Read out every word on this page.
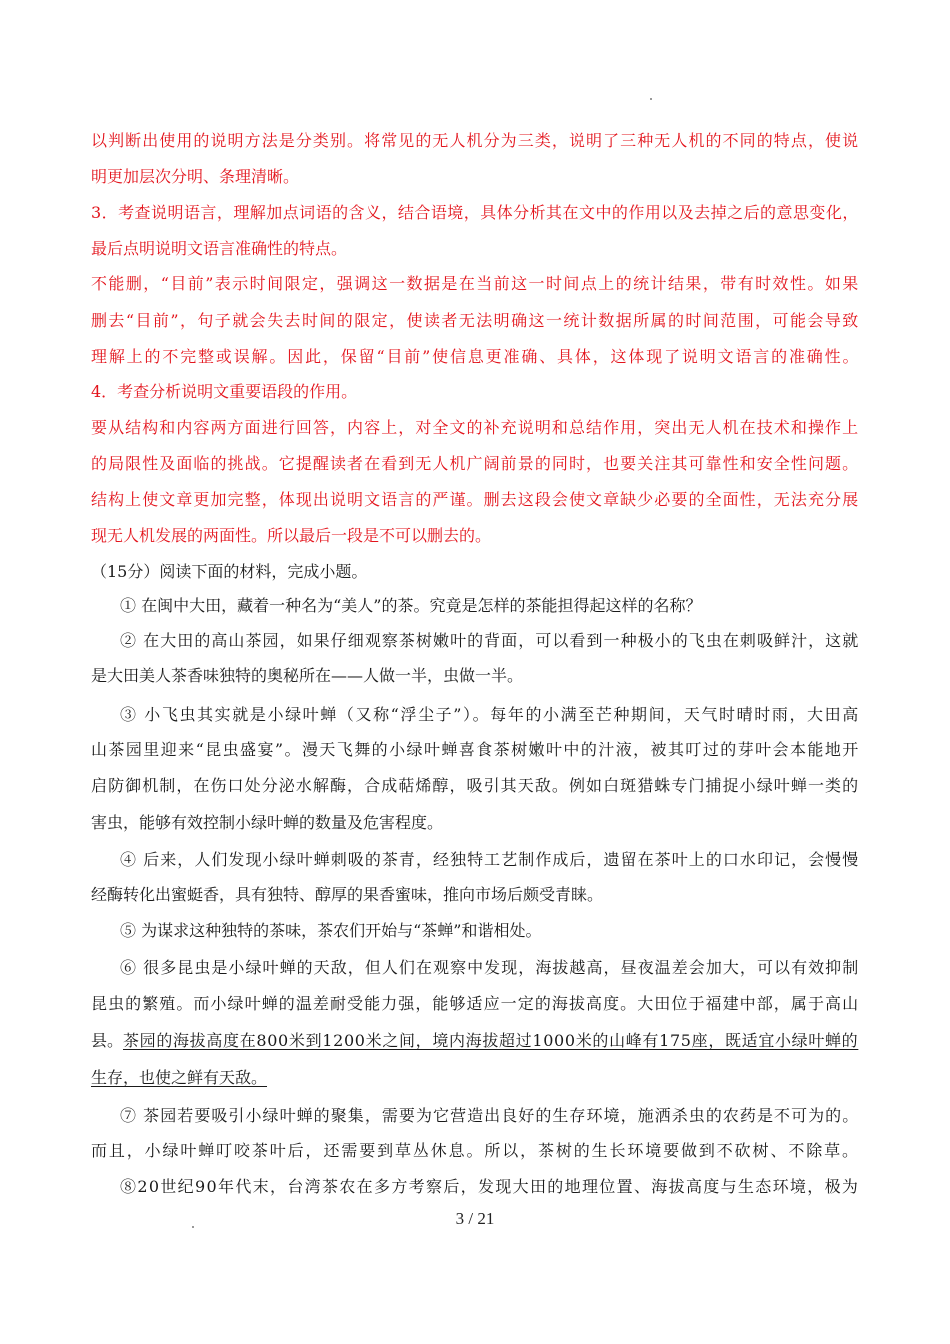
以判断出使用的说明方法是分类别。将常见的无人机分为三类，说明了三种无人机的不同的特点，使说
明更加层次分明、条理清晰。
3．考查说明语言，理解加点词语的含义，结合语境，具体分析其在文中的作用以及去掉之后的意思变化，
最后点明说明文语言准确性的特点。
不能删，“目前”表示时间限定，强调这一数据是在当前这一时间点上的统计结果，带有时效性。如果
删去“目前”，句子就会失去时间的限定，使读者无法明确这一统计数据所属的时间范围，可能会导致
理解上的不完整或误解。因此，保留“目前”使信息更准确、具体，这体现了说明文语言的准确性。
4．考查分析说明文重要语段的作用。
要从结构和内容两方面进行回答，内容上，对全文的补充说明和总结作用，突出无人机在技术和操作上
的局限性及面临的挑战。它提醒读者在看到无人机广阔前景的同时，也要关注其可靠性和安全性问题。
结构上使文章更加完整，体现出说明文语言的严谨。删去这段会使文章缺少必要的全面性，无法充分展
现无人机发展的两面性。所以最后一段是不可以删去的。
（15分）阅读下面的材料，完成小题。
① 在闽中大田，藏着一种名为“美人”的茶。究竟是怎样的茶能担得起这样的名称？
② 在大田的高山茶园，如果仔细观察茶树嫩叶的背面，可以看到一种极小的飞虫在刺吸鲜汁，这就
是大田美人茶香味独特的奥秘所在——人做一半，虫做一半。
③ 小飞虫其实就是小绿叶蝉（又称“浮尘子”）。每年的小满至芒种期间，天气时晴时雨，大田高
山茶园里迎来“昆虫盛宴”。漫天飞舞的小绿叶蝉喜食茶树嫩叶中的汁液，被其叮过的芽叶会本能地开
启防御机制，在伤口处分泌水解酶，合成萜烯醇，吸引其天敌。例如白斑猎蛛专门捕捉小绿叶蝉一类的
害虫，能够有效控制小绿叶蝉的数量及危害程度。
④ 后来，人们发现小绿叶蝉刺吸的茶青，经独特工艺制作成后，遗留在茶叶上的口水印记，会慢慢
经酶转化出蜜蜓香，具有独特、醇厚的果香蜜味，推向市场后颇受青睐。
⑤ 为谋求这种独特的茶味，茶农们开始与“茶蝉”和谐相处。
⑥ 很多昆虫是小绿叶蝉的天敌，但人们在观察中发现，海拔越高，昼夜温差会加大，可以有效抑制
昆虫的繁殖。而小绿叶蝉的温差耐受能力强，能够适应一定的海拔高度。大田位于福建中部，属于高山
县。 茶园的海拔高度在800米到1200米之间，境内海拔超过1000米的山峰有175座，既适宜小绿叶蝉的
生存，也使之鲜有天敌。
⑦ 茶园若要吸引小绿叶蝉的聚集，需要为它营造出良好的生存环境，施洒杀虫的农药是不可为的。
而且，小绿叶蝉叮咬茶叶后，还需要到草丛休息。所以，茶树的生长环境要做到不砍树、不除草。
⑧20世纪90年代末，台湾茶农在多方考察后，发现大田的地理位置、海拔高度与生态环境，极为
3 / 21
